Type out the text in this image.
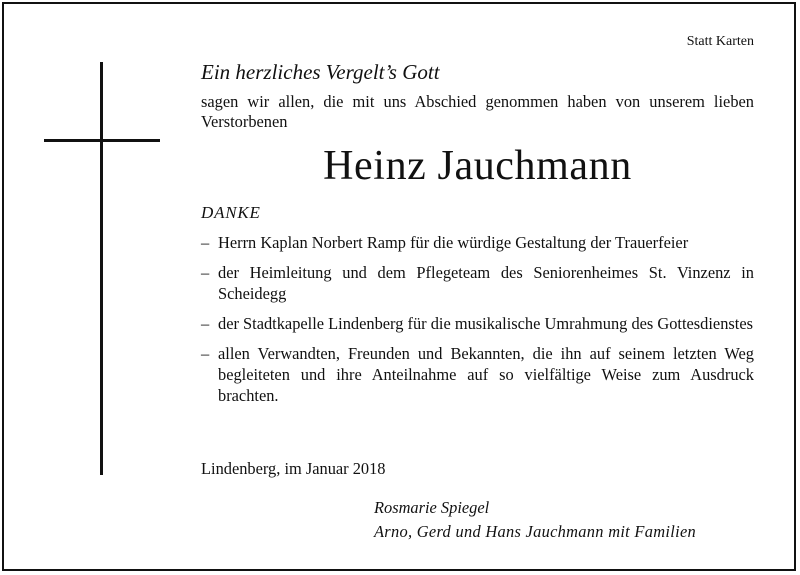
Statt Karten
Ein herzliches Vergelt’s Gott
sagen wir allen, die mit uns Abschied genommen haben von unserem lieben Verstorbenen
Heinz Jauchmann
DANKE
– Herrn Kaplan Norbert Ramp für die würdige Gestaltung der Trauerfeier
– der Heimleitung und dem Pflegeteam des Seniorenheimes St. Vinzenz in Scheidegg
– der Stadtkapelle Lindenberg für die musikalische Umrahmung des Gottesdienstes
– allen Verwandten, Freunden und Bekannten, die ihn auf seinem letzten Weg begleiteten und ihre Anteilnahme auf so vielfältige Weise zum Ausdruck brachten.
Lindenberg, im Januar 2018
Rosmarie Spiegel
Arno, Gerd und Hans Jauchmann mit Familien
